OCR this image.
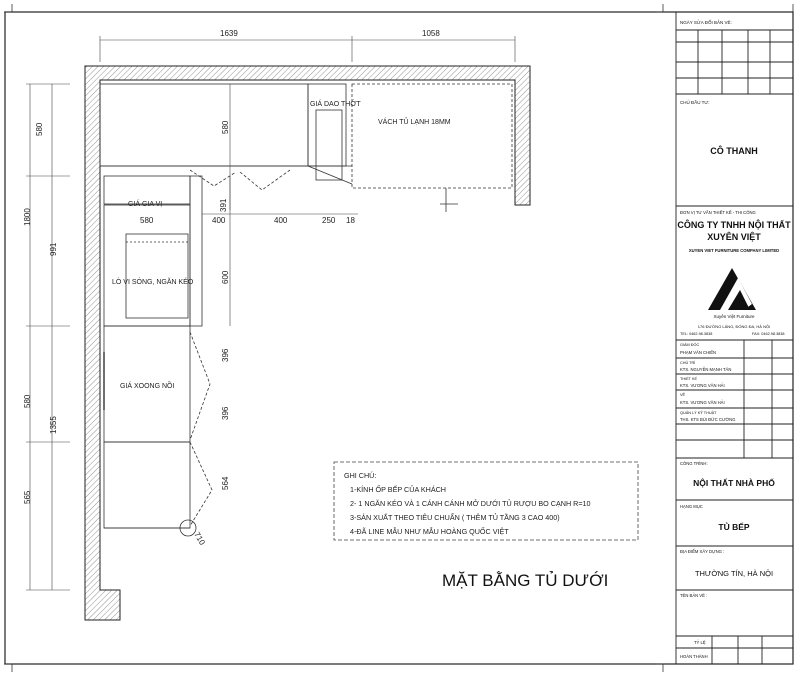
1639	1058
580
1800
991
580
1355
565
580
580
391
400	400	250 18
600
396
396
564
710
GIÁ DAO THỚT
VÁCH TỦ LẠNH 18MM
GIÁ GIA VỊ
LÒ VI SÓNG, NGĂN KÉO
GIÁ XOONG NỒI
GHI CHÚ:
1-KÍNH ỐP BẾP CỦA KHÁCH
2- 1 NGĂN KÉO VÀ 1 CÁNH CÁNH MỞ DƯỚI TỦ RƯỢU BO CẠNH R=10
3-SẢN XUẤT THEO TIÊU CHUẨN ( THÊM TỦ TẦNG 3 CAO 400)
4-ĐÃ LINE MẪU NHƯ MẪU HOÀNG QUỐC VIỆT
MẶT BẰNG TỦ DƯỚI
NGÀY SỬA ĐỔI BẢN VẼ:
CHỦ ĐẦU TƯ:
CÔ THANH
ĐƠN VỊ TƯ VẤN THIẾT KẾ - THI CÔNG
CÔNG TY TNHH NỘI THẤT
XUYÊN VIỆT
XUYEN VIET FURNITURE COMPANY LIMITED
Xuyên Việt Furniture
176 ĐƯỜNG LÁNG, ĐỐNG ĐA, HÀ NỘI
TEL: 0462.98.3838	FAX: 0462.98.3838
GIÁM ĐỐC
PHẠM VĂN CHIẾN
CHỦ TRÌ
KTS. NGUYỄN MẠNH TÂN
THIẾT KẾ
KTS. VƯƠNG VĂN HẢI
VẼ
KTS. VƯƠNG VĂN HẢI
QUẢN LÝ KỸ THUẬT
THS. KTS BÙI ĐỨC CƯỜNG
CÔNG TRÌNH:
NỘI THẤT NHÀ PHỐ
HẠNG MỤC
TỦ BẾP
ĐỊA ĐIỂM XÂY DỰNG :
THƯỜNG TÍN, HÀ NỘI
TÊN BẢN VẼ :
TỶ LỆ
HOÀN THÀNH
